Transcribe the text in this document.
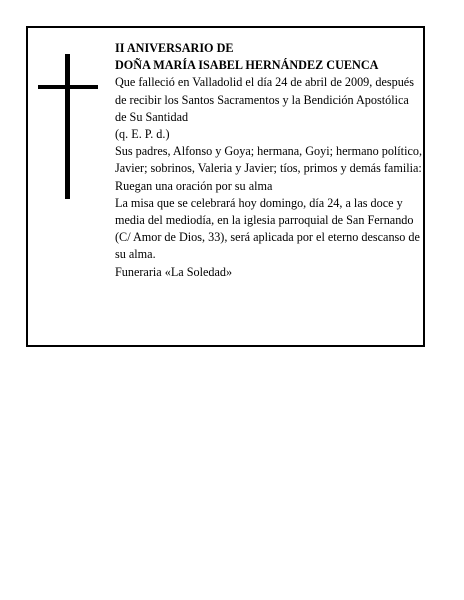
II ANIVERSARIO DE

DOÑA MARÍA ISABEL HERNÁNDEZ CUENCA

Que falleció en Valladolid el día 24 de abril de 2009, después de recibir los Santos Sacramentos y la Bendición Apostólica de Su Santidad

(q. E. P. d.)

Sus padres, Alfonso y Goya; hermana, Goyi; hermano político, Javier; sobrinos, Valeria y Javier; tíos, primos y demás familia:

Ruegan una oración por su alma

La misa que se celebrará hoy domingo, día 24, a las doce y media del mediodía, en la iglesia parroquial de San Fernando (C/ Amor de Dios, 33), será aplicada por el eterno descanso de su alma.

Funeraria «La Soledad»
